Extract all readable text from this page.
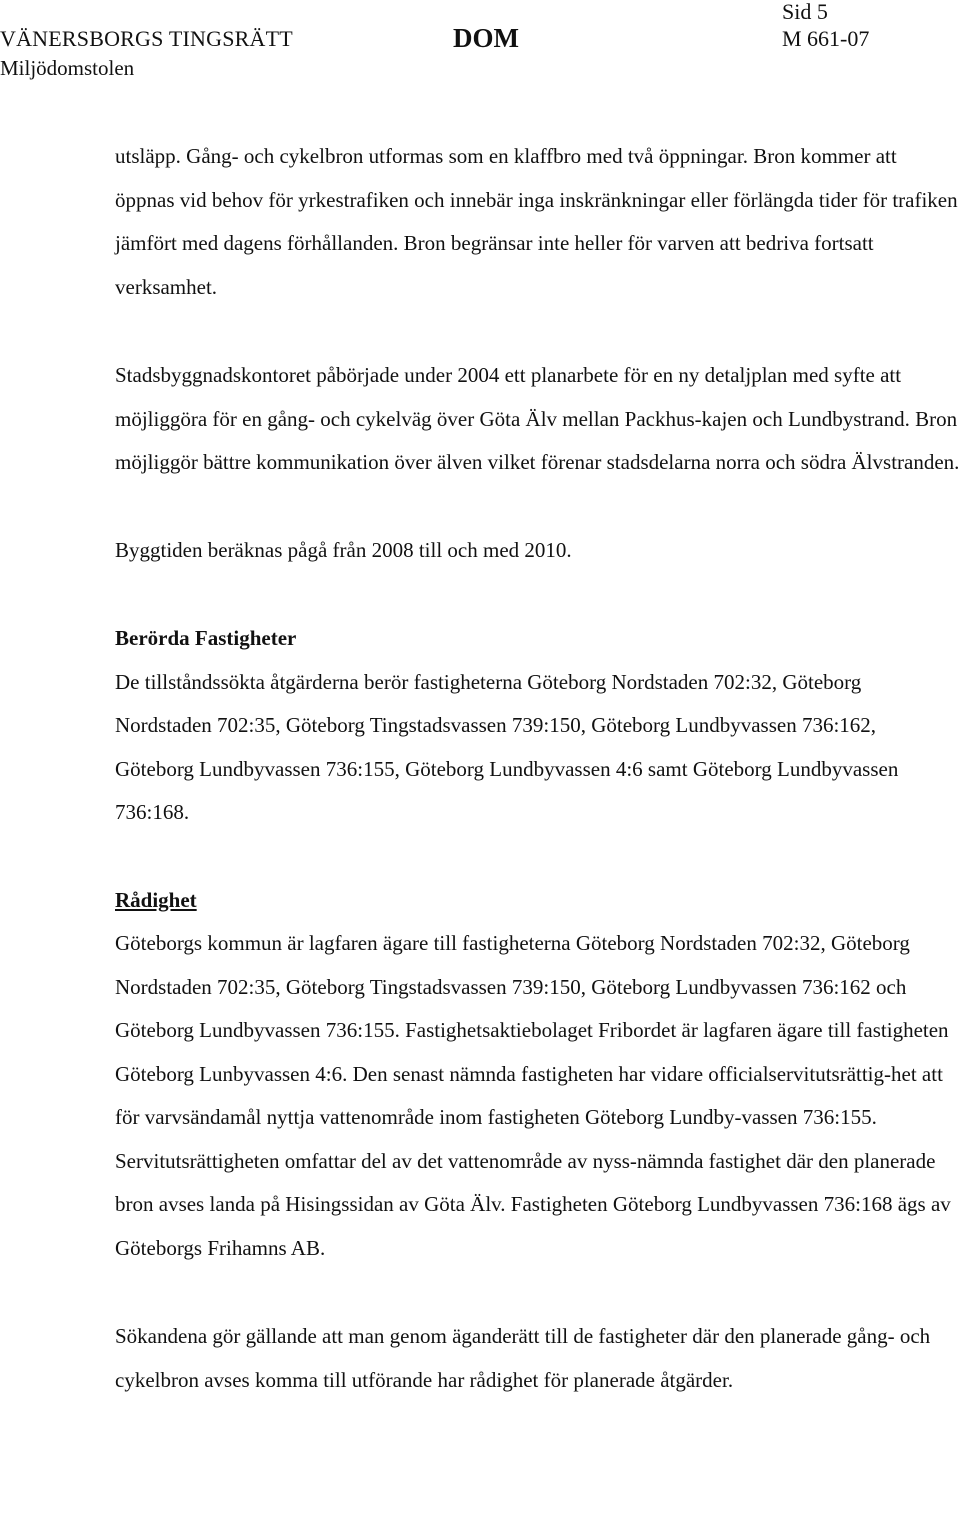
VÄNERSBORGS TINGSRÄTT
Miljödomstolen
DOM
Sid 5
M 661-07

utsläpp. Gång- och cykelbron utformas som en klaffbro med två öppningar. Bron kommer att öppnas vid behov för yrkestrafiken och innebär inga inskränkningar eller förlängda tider för trafiken jämfört med dagens förhållanden. Bron begränsar inte heller för varven att bedriva fortsatt verksamhet.

Stadsbyggnadskontoret påbörjade under 2004 ett planarbete för en ny detaljplan med syfte att möjliggöra för en gång- och cykelväg över Göta Älv mellan Packhus-kajen och Lundbystrand. Bron möjliggör bättre kommunikation över älven vilket förenar stadsdelarna norra och södra Älvstranden.

Byggtiden beräknas pågå från 2008 till och med 2010.

Berörda Fastigheter

De tillståndssökta åtgärderna berör fastigheterna Göteborg Nordstaden 702:32, Göteborg Nordstaden 702:35, Göteborg Tingstadsvassen 739:150, Göteborg Lundbyvassen 736:162, Göteborg Lundbyvassen 736:155, Göteborg Lundbyvassen 4:6 samt Göteborg Lundbyvassen 736:168.

Rådighet

Göteborgs kommun är lagfaren ägare till fastigheterna Göteborg Nordstaden 702:32, Göteborg Nordstaden 702:35, Göteborg Tingstadsvassen 739:150, Göteborg Lundbyvassen 736:162 och Göteborg Lundbyvassen 736:155. Fastighetsaktiebolaget Fribordet är lagfaren ägare till fastigheten Göteborg Lunbyvassen 4:6. Den senast nämnda fastigheten har vidare officialservitutsrättig-het att för varvsändamål nyttja vattenområde inom fastigheten Göteborg Lundby-vassen 736:155. Servitutsrättigheten omfattar del av det vattenområde av nyss-nämnda fastighet där den planerade bron avses landa på Hisingssidan av Göta Älv. Fastigheten Göteborg Lundbyvassen 736:168 ägs av Göteborgs Frihamns AB.

Sökandena gör gällande att man genom äganderätt till de fastigheter där den planerade gång- och cykelbron avses komma till utförande har rådighet för planerade åtgärder.
